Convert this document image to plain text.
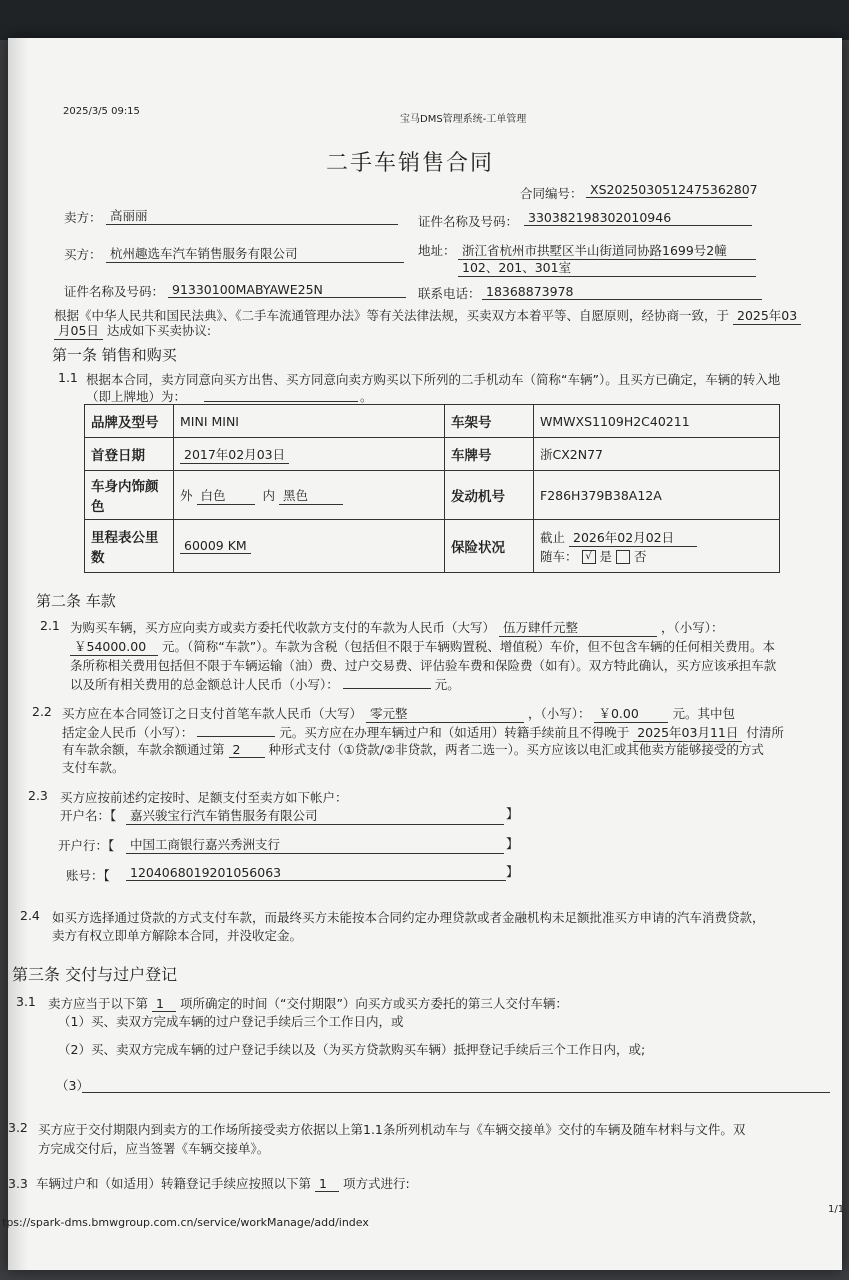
2025/3/5 09:15
宝马DMS管理系统-工单管理
二手车销售合同
合同编号： XS2025030512475362807
卖方： 高丽丽	证件名称及号码： 330382198302010946
买方： 杭州趣选车汽车销售服务有限公司	地址： 浙江省杭州市拱墅区半山街道同协路1699号2幢
102、201、301室
证件名称及号码： 91330100MABYAWE25N	联系电话： 18368873978
根据《中华人民共和国民法典》、《二手车流通管理办法》等有关法律法规，买卖双方本着平等、自愿原则，经协商一致，于 2025年03
月05日 达成如下买卖协议:
第一条 销售和购买
1.1 根据本合同，卖方同意向买方出售、买方同意向卖方购买以下所列的二手机动车（简称“车辆”）。且买方已确定，车辆的转入地
（即上牌地）为：	。
品牌及型号	MINI MINI	车架号	WMWXS1109H2C40211
首登日期	2017年02月03日	车牌号	浙CX2N77
车身内饰颜色	外 白色 内 黑色	发动机号	F286H379B38A12A
里程表公里数	60009 KM	保险状况	截止 2026年02月02日
随车： √ 是 否
第二条 车款
2.1 为购买车辆，买方应向卖方或卖方委托代收款方支付的车款为人民币（大写） 伍万肆仟元整	，（小写）：
￥54000.00 元。（简称“车款”）。车款为含税（包括但不限于车辆购置税、增值税）车价，但不包含车辆的任何相关费用。本
条所称相关费用包括但不限于车辆运输（油）费、过户交易费、评估验车费和保险费（如有）。双方特此确认，买方应该承担车款
以及所有相关费用的总金额总计人民币（小写）：	元。
2.2 买方应在本合同签订之日支付首笔车款人民币（大写） 零元整	，（小写）： ￥0.00	元。其中包
括定金人民币（小写）：	元。买方应在办理车辆过户和（如适用）转籍手续前且不得晚于 2025年03月11日 付清所
有车款余额，车款余额通过第 2 种形式支付（①贷款/②非贷款，两者二选一）。买方应该以电汇或其他卖方能够接受的方式
支付车款。
2.3 买方应按前述约定按时、足额支付至卖方如下帐户：
开户名：【	嘉兴骏宝行汽车销售服务有限公司	】
开户行：【	中国工商银行嘉兴秀洲支行	】
账号：【	1204068019201056063	】
2.4 如买方选择通过贷款的方式支付车款，而最终买方未能按本合同约定办理贷款或者金融机构未足额批准买方申请的汽车消费贷款，
卖方有权立即单方解除本合同，并没收定金。
第三条 交付与过户登记
3.1 卖方应当于以下第 1 项所确定的时间（“交付期限”）向买方或买方委托的第三人交付车辆：
（1）买、卖双方完成车辆的过户登记手续后三个工作日内，或
（2）买、卖双方完成车辆的过户登记手续以及（为买方贷款购买车辆）抵押登记手续后三个工作日内，或;
（3）
3.2 买方应于交付期限内到卖方的工作场所接受卖方依据以上第1.1条所列机动车与《车辆交接单》交付的车辆及随车材料与文件。双
方完成交付后，应当签署《车辆交接单》。
3.3 车辆过户和（如适用）转籍登记手续应按照以下第 1 项方式进行:
tps://spark-dms.bmwgroup.com.cn/service/workManage/add/index
1/1
